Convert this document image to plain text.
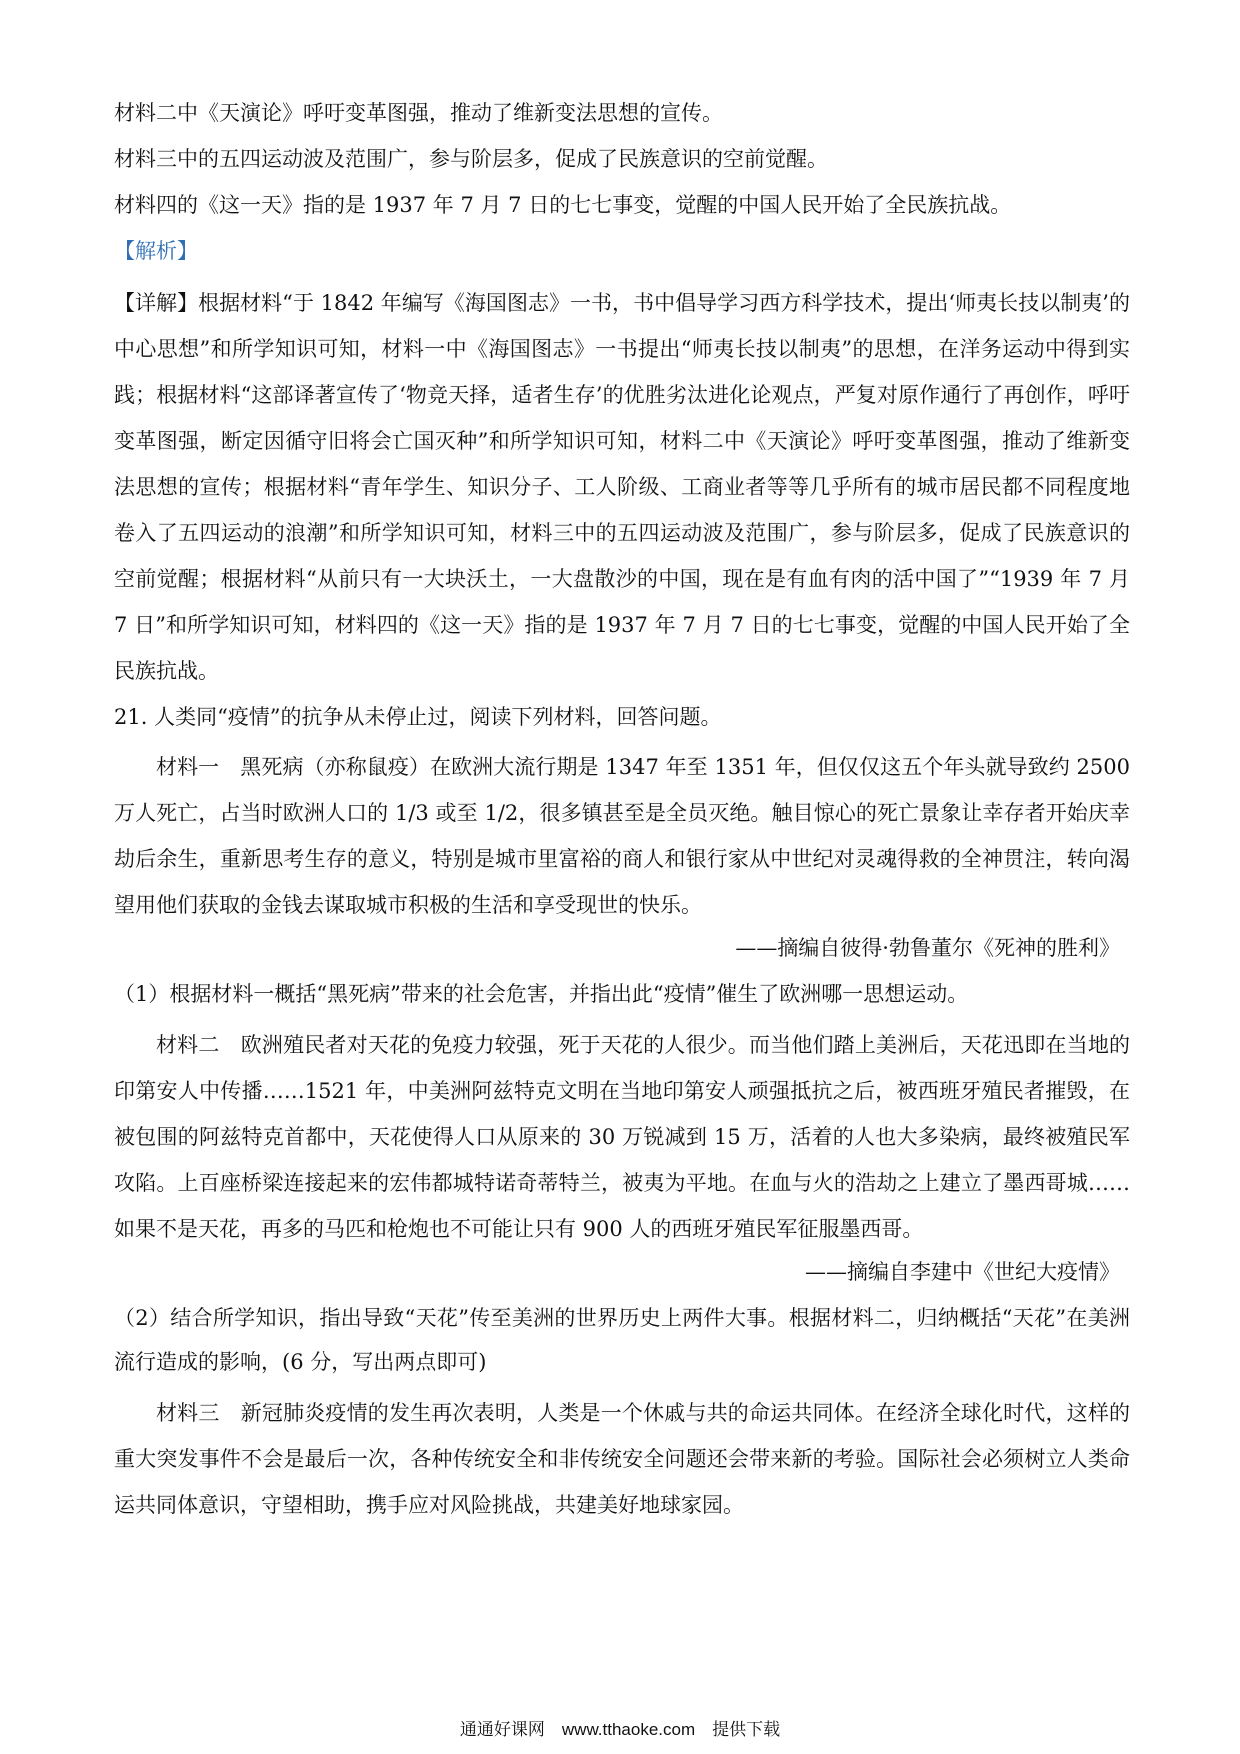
材料二中《天演论》呼吁变革图强，推动了维新变法思想的宣传。

材料三中的五四运动波及范围广，参与阶层多，促成了民族意识的空前觉醒。

材料四的《这一天》指的是 1937 年 7 月 7 日的七七事变，觉醒的中国人民开始了全民族抗战。

【解析】

【详解】根据材料“于 1842 年编写《海国图志》一书，书中倡导学习西方科学技术，提出‘师夷长技以制夷’的中心思想”和所学知识可知，材料一中《海国图志》一书提出“师夷长技以制夷”的思想，在洋务运动中得到实践；根据材料“这部译著宣传了‘物竞天择，适者生存’的优胜劣汰进化论观点，严复对原作通行了再创作，呼吁变革图强，断定因循守旧将会亡国灭种”和所学知识可知，材料二中《天演论》呼吁变革图强，推动了维新变法思想的宣传；根据材料“青年学生、知识分子、工人阶级、工商业者等等几乎所有的城市居民都不同程度地卷入了五四运动的浪潮”和所学知识可知，材料三中的五四运动波及范围广，参与阶层多，促成了民族意识的空前觉醒；根据材料“从前只有一大块沃土，一大盘散沙的中国，现在是有血有肉的活中国了”“1939 年 7 月 7 日”和所学知识可知，材料四的《这一天》指的是 1937 年 7 月 7 日的七七事变，觉醒的中国人民开始了全民族抗战。

21. 人类同“疫情”的抗争从未停止过，阅读下列材料，回答问题。

材料一　黑死病（亦称鼠疫）在欧洲大流行期是 1347 年至 1351 年，但仅仅这五个年头就导致约 2500 万人死亡，占当时欧洲人口的 1/3 或至 1/2，很多镇甚至是全员灭绝。触目惊心的死亡景象让幸存者开始庆幸劫后余生，重新思考生存的意义，特别是城市里富裕的商人和银行家从中世纪对灵魂得救的全神贯注，转向渴望用他们获取的金钱去谋取城市积极的生活和享受现世的快乐。

——摘编自彼得·勃鲁董尔《死神的胜利》

（1）根据材料一概括“黑死病”带来的社会危害，并指出此“疫情”催生了欧洲哪一思想运动。

材料二　欧洲殖民者对天花的免疫力较强，死于天花的人很少。而当他们踏上美洲后，天花迅即在当地的印第安人中传播……1521 年，中美洲阿兹特克文明在当地印第安人顽强抵抗之后，被西班牙殖民者摧毁，在被包围的阿兹特克首都中，天花使得人口从原来的 30 万锐减到 15 万，活着的人也大多染病，最终被殖民军攻陷。上百座桥梁连接起来的宏伟都城特诺奇蒂特兰，被夷为平地。在血与火的浩劫之上建立了墨西哥城……如果不是天花，再多的马匹和枪炮也不可能让只有 900 人的西班牙殖民军征服墨西哥。

——摘编自李建中《世纪大疫情》

（2）结合所学知识，指出导致“天花”传至美洲的世界历史上两件大事。根据材料二，归纳概括“天花”在美洲流行造成的影响，(6 分，写出两点即可)

材料三　新冠肺炎疫情的发生再次表明，人类是一个休戚与共的命运共同体。在经济全球化时代，这样的重大突发事件不会是最后一次，各种传统安全和非传统安全问题还会带来新的考验。国际社会必须树立人类命运共同体意识，守望相助，携手应对风险挑战，共建美好地球家园。

通通好课网　www.tthaoke.com　提供下载
